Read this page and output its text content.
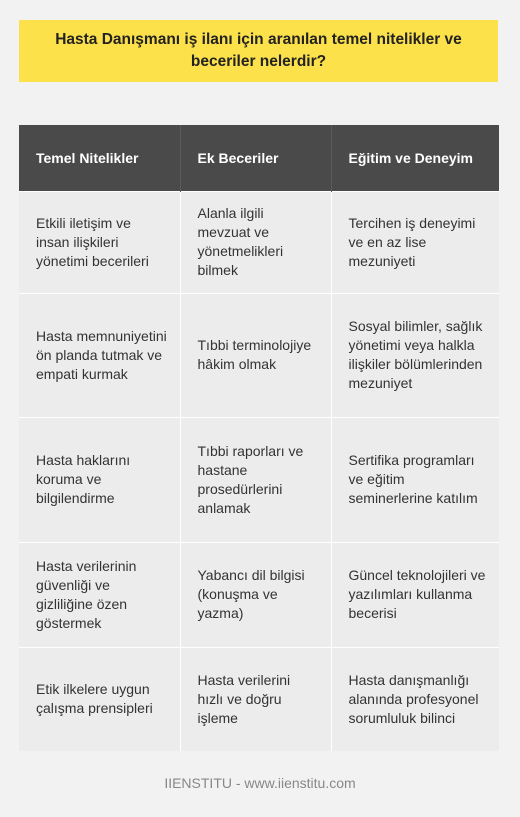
Hasta Danışmanı iş ilanı için aranılan temel nitelikler ve beceriler nelerdir?
Temel Nitelikler	Ek Beceriler	Eğitim ve Deneyim
Etkili iletişim ve insan ilişkileri yönetimi becerileri	Alanla ilgili mevzuat ve yönetmelikleri bilmek	Tercihen iş deneyimi ve en az lise mezuniyeti
Hasta memnuniyetini ön planda tutmak ve empati kurmak	Tıbbi terminolojiye hâkim olmak	Sosyal bilimler, sağlık yönetimi veya halkla ilişkiler bölümlerinden mezuniyet
Hasta haklarını koruma ve bilgilendirme	Tıbbi raporları ve hastane prosedürlerini anlamak	Sertifika programları ve eğitim seminerlerine katılım
Hasta verilerinin güvenliği ve gizliliğine özen göstermek	Yabancı dil bilgisi (konuşma ve yazma)	Güncel teknolojileri ve yazılımları kullanma becerisi
Etik ilkelere uygun çalışma prensipleri	Hasta verilerini hızlı ve doğru işleme	Hasta danışmanlığı alanında profesyonel sorumluluk bilinci
IIENSTITU - www.iienstitu.com
